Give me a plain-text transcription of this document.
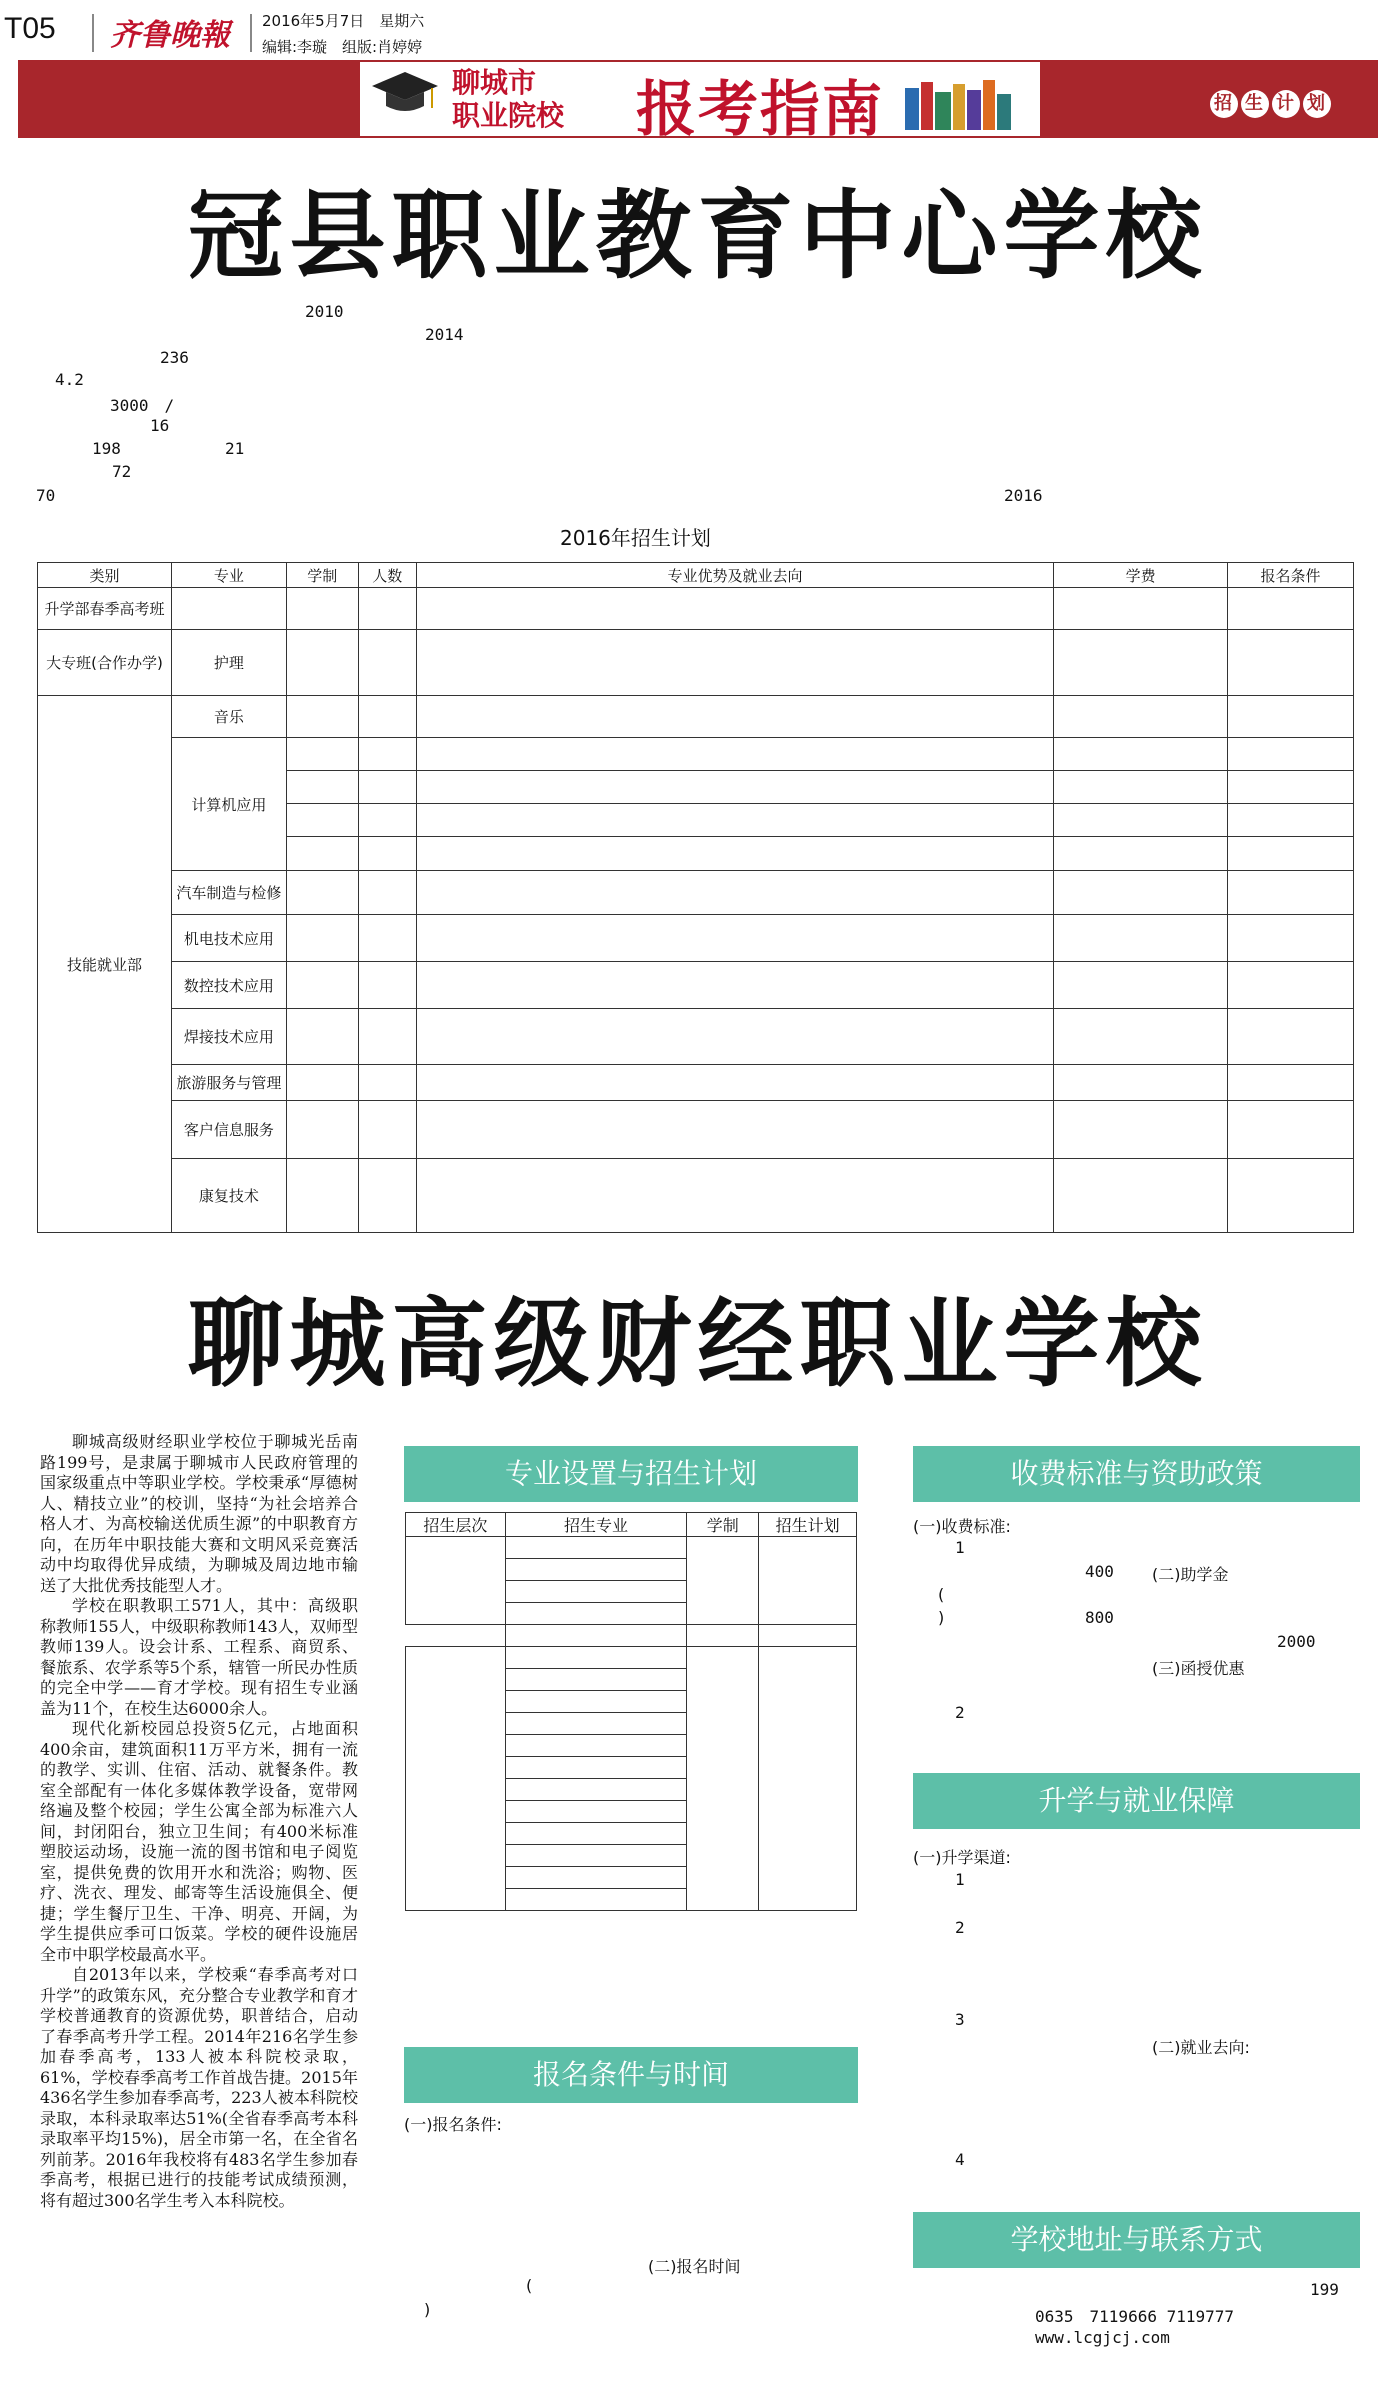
T05 齐鲁晚報 2016年5月7日　星期六
编辑:李璇　组版:肖婷婷
聊城市
职业院校 报考指南	招 生 计 划
冠县职业教育中心学校
2010
2014
236
4.2
3000　/
16
198	21
72
70	2016
2016年招生计划
类别	专业	学制	人数	专业优势及就业去向	学费	报名条件
升学部春季高考班						
大专班(合作办学)	护理					
技能就业部	音乐					
	计算机应用					

	汽车制造与检修					
	机电技术应用					
	数控技术应用					
	焊接技术应用					
	旅游服务与管理					
	客户信息服务					
	康复技术					
聊城高级财经职业学校

聊城高级财经职业学校位于聊城光岳南路199号，是隶属于聊城市人民政府管理的国家级重点中等职业学校。学校秉承“厚德树人、精技立业”的校训，坚持“为社会培养合格人才、为高校输送优质生源”的中职教育方向，在历年中职技能大赛和文明风采竞赛活动中均取得优异成绩，为聊城及周边地市输送了大批优秀技能型人才。

学校在职教职工571人，其中：高级职称教师155人，中级职称教师143人，双师型教师139人。设会计系、工程系、商贸系、餐旅系、农学系等5个系，辖管一所民办性质的完全中学——育才学校。现有招生专业涵盖为11个，在校生达6000余人。

现代化新校园总投资5亿元，占地面积400余亩，建筑面积11万平方米，拥有一流的教学、实训、住宿、活动、就餐条件。教室全部配有一体化多媒体教学设备，宽带网络遍及整个校园；学生公寓全部为标准六人间，封闭阳台，独立卫生间；有400米标准塑胶运动场，设施一流的图书馆和电子阅览室，提供免费的饮用开水和洗浴；购物、医疗、洗衣、理发、邮寄等生活设施俱全、便捷；学生餐厅卫生、干净、明亮、开阔，为学生提供应季可口饭菜。学校的硬件设施居全市中职学校最高水平。

自2013年以来，学校乘“春季高考对口升学”的政策东风，充分整合专业教学和育才学校普通教育的资源优势，职普结合，启动了春季高考升学工程。2014年216名学生参加春季高考，133人被本科院校录取，61%，学校春季高考工作首战告捷。2015年436名学生参加春季高考，223人被本科院校录取，本科录取率达51%(全省春季高考本科录取率平均15%)，居全市第一名，在全省名列前茅。2016年我校将有483名学生参加春季高考，根据已进行的技能考试成绩预测，将有超过300名学生考入本科院校。

专业设置与招生计划
招生层次	招生专业	学制	招生计划

报名条件与时间
(一)报名条件:
(二)报名时间
(
)
收费标准与资助政策
(一)收费标准:
1
400 (二)助学金
(
)	800
2000
(三)函授优惠
2
升学与就业保障
(一)升学渠道:
1
2
3
(二)就业去向:
4
学校地址与联系方式
199
0635　7119666 7119777
www.lcgjcj.com
